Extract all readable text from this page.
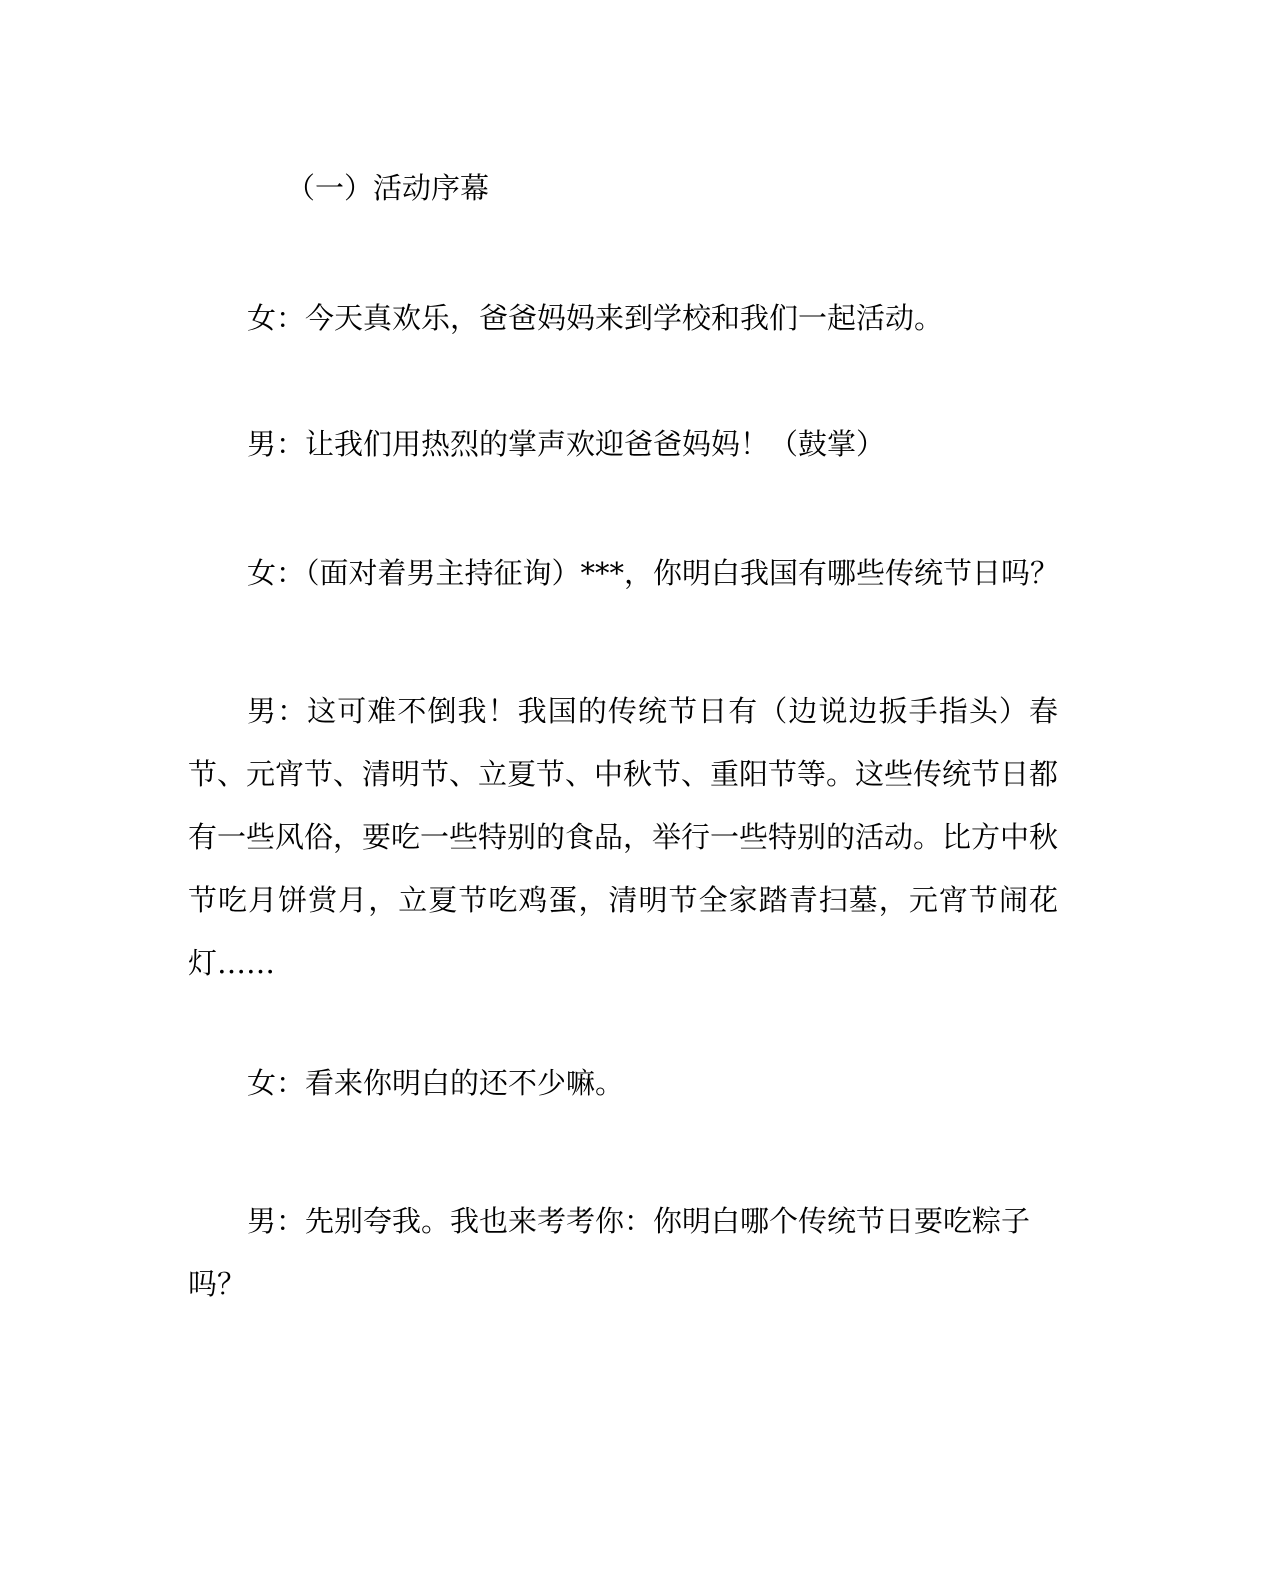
（一）活动序幕
女：今天真欢乐，爸爸妈妈来到学校和我们一起活动。
男：让我们用热烈的掌声欢迎爸爸妈妈！（鼓掌）
女：（面对着男主持征询）***，你明白我国有哪些传统节日吗？
男：这可难不倒我！我国的传统节日有（边说边扳手指头）春节、元宵节、清明节、立夏节、中秋节、重阳节等。这些传统节日都有一些风俗，要吃一些特别的食品，举行一些特别的活动。比方中秋节吃月饼赏月，立夏节吃鸡蛋，清明节全家踏青扫墓，元宵节闹花灯……
女：看来你明白的还不少嘛。
男：先别夸我。我也来考考你：你明白哪个传统节日要吃粽子吗？
